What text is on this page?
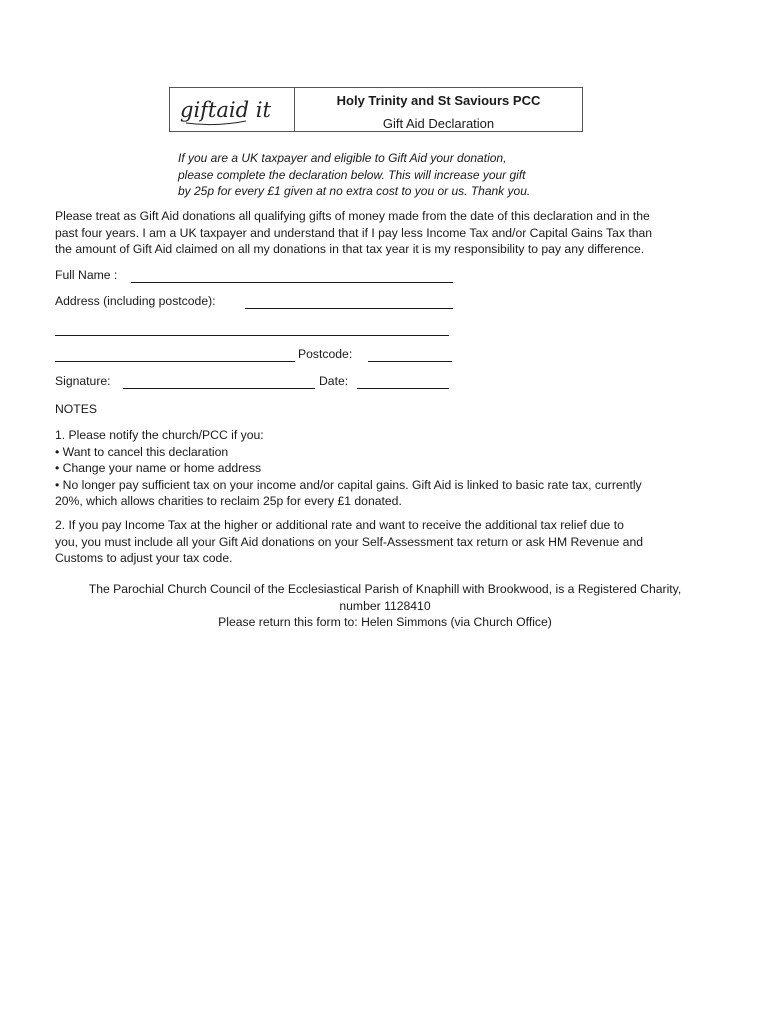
giftaid it	Holy Trinity and St Saviours PCC
Gift Aid Declaration
If you are a UK taxpayer and eligible to Gift Aid your donation,
please complete the declaration below. This will increase your gift
by 25p for every £1 given at no extra cost to you or us. Thank you.
Please treat as Gift Aid donations all qualifying gifts of money made from the date of this declaration and in the
past four years. I am a UK taxpayer and understand that if I pay less Income Tax and/or Capital Gains Tax than
the amount of Gift Aid claimed on all my donations in that tax year it is my responsibility to pay any difference.
Full Name :
Address (including postcode):
Postcode:
Signature:	Date:
NOTES
1. Please notify the church/PCC if you:
• Want to cancel this declaration
• Change your name or home address
• No longer pay sufficient tax on your income and/or capital gains. Gift Aid is linked to basic rate tax, currently
20%, which allows charities to reclaim 25p for every £1 donated.
2. If you pay Income Tax at the higher or additional rate and want to receive the additional tax relief due to
you, you must include all your Gift Aid donations on your Self-Assessment tax return or ask HM Revenue and
Customs to adjust your tax code.
The Parochial Church Council of the Ecclesiastical Parish of Knaphill with Brookwood, is a Registered Charity,
number 1128410
Please return this form to: Helen Simmons (via Church Office)
